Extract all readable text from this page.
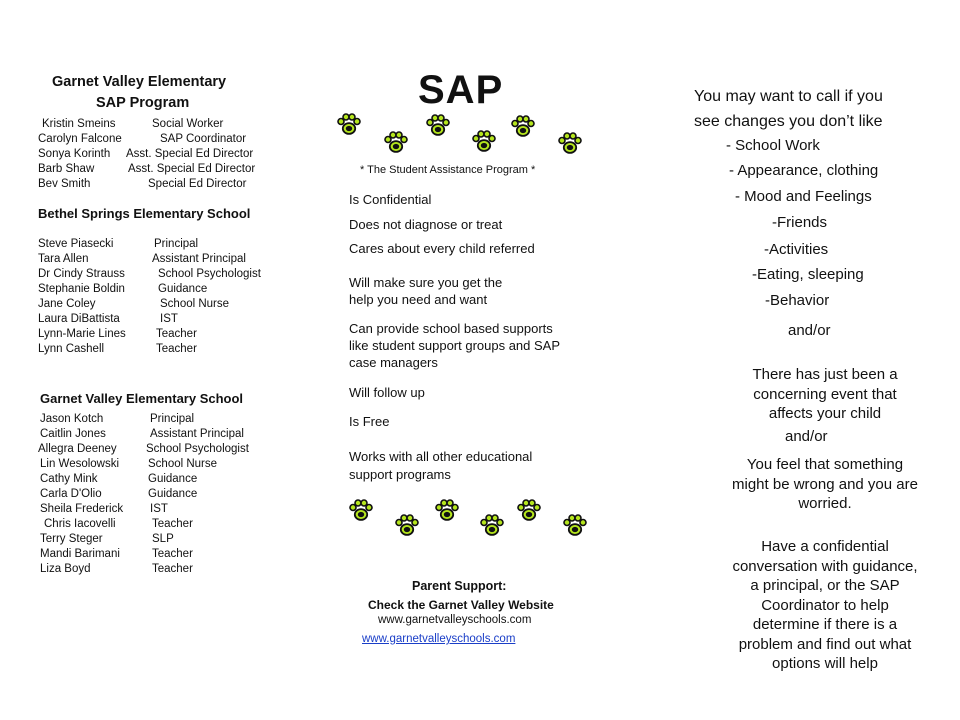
Garnet Valley Elementary
SAP Program
Kristin Smeins	Social Worker
Carolyn Falcone	SAP Coordinator
Sonya Korinth Asst. Special Ed Director
Barb Shaw	Asst. Special Ed Director
Bev Smith	Special Ed Director
Bethel Springs Elementary School
Steve Piasecki	Principal
Tara Allen	Assistant Principal
Dr Cindy Strauss	School Psychologist
Stephanie Boldin	Guidance
Jane Coley	School Nurse
Laura DiBattista	IST
Lynn-Marie Lines	Teacher
Lynn Cashell	Teacher
Garnet Valley Elementary School
Jason Kotch	Principal
Caitlin Jones	Assistant Principal
Allegra Deeney	School Psychologist
Lin Wesolowski	School Nurse
Cathy Mink	Guidance
Carla D'Olio	Guidance
Sheila Frederick IST
Chris Iacovelli	Teacher
Terry Steger	SLP
Mandi Barimani	Teacher
Liza Boyd	Teacher
SAP
* The Student Assistance Program *
Is Confidential
Does not diagnose or treat
Cares about every child referred
Will make sure you get the
help you need and want
Can provide school based supports
like student support groups and SAP
case managers
Will follow up
Is Free
Works with all other educational
support programs
Parent Support:
Check the Garnet Valley Website
www.garnetvalleyschools.com
www.garnetvalleyschools.com
You may want to call if you
see changes you don’t like
- School Work
- Appearance, clothing
- Mood and Feelings
-Friends
-Activities
-Eating, sleeping
-Behavior
and/or
There has just been a
concerning event that
affects your child
and/or
You feel that something
might be wrong and you are
worried.
Have a confidential
conversation with guidance,
a principal, or the SAP
Coordinator to help
determine if there is a
problem and find out what
options will help
